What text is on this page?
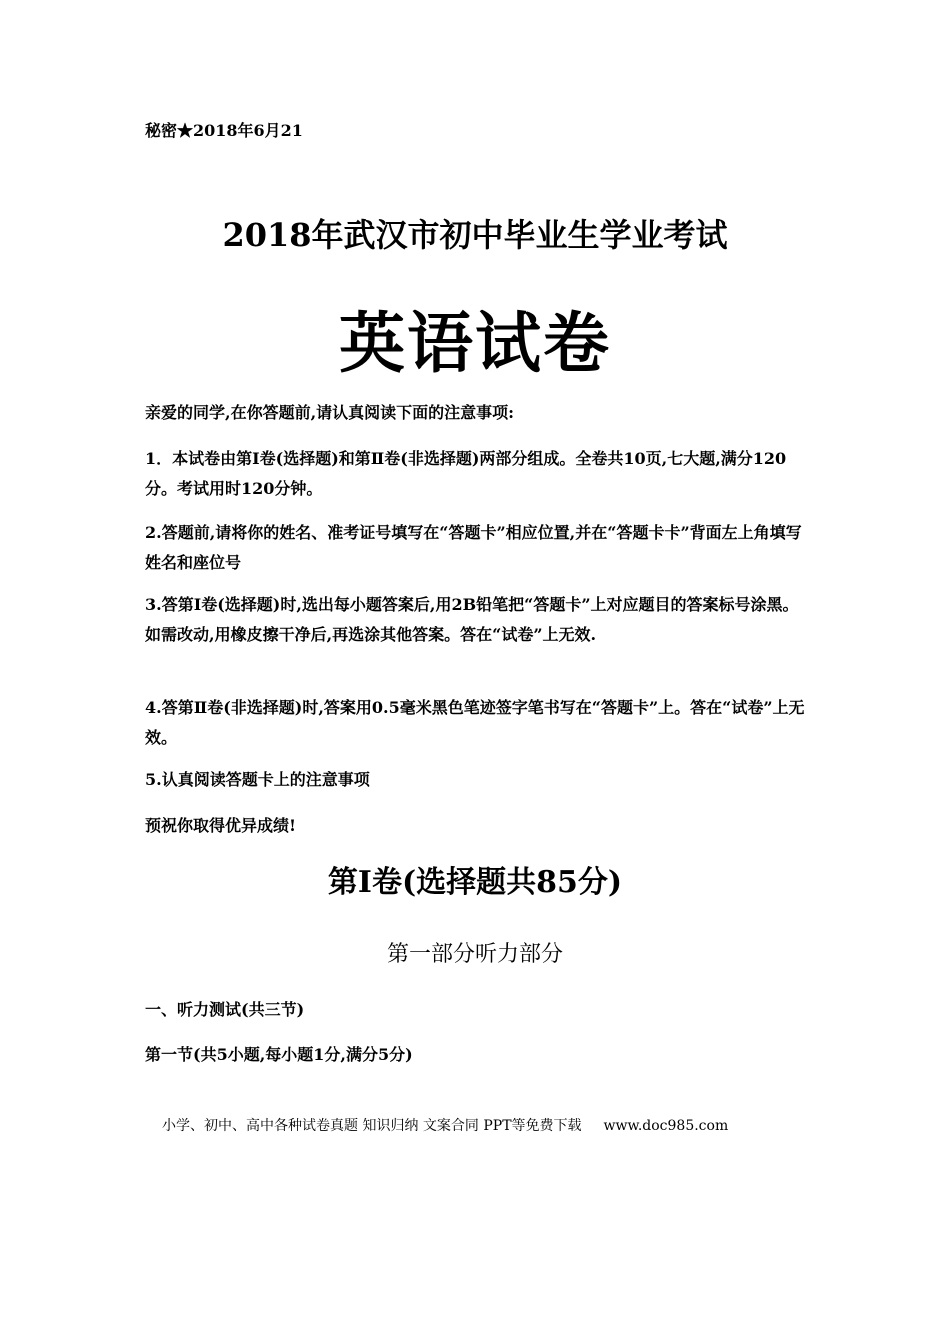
秘密★2018年6月21
2018年武汉市初中毕业生学业考试
英语试卷
亲爱的同学,在你答题前,请认真阅读下面的注意事项:
1．本试卷由第Ⅰ卷(选择题)和第Ⅱ卷(非选择题)两部分组成。全卷共10页,七大题,满分120分。考试用时120分钟。
2.答题前,请将你的姓名、准考证号填写在“答题卡”相应位置,并在“答题卡卡”背面左上角填写姓名和座位号
3.答第I卷(选择题)时,选出每小题答案后,用2B铅笔把“答题卡”上对应题目的答案标号涂黑。如需改动,用橡皮擦干净后,再选涂其他答案。答在“试卷”上无效.
4.答第Ⅱ卷(非选择题)时,答案用0.5毫米黑色笔迹签字笔书写在“答题卡”上。答在“试卷”上无效。
5.认真阅读答题卡上的注意事项
预祝你取得优异成绩!
第I卷(选择题共85分)
第一部分听力部分
一、听力测试(共三节)
第一节(共5小题,每小题1分,满分5分)
小学、初中、高中各种试卷真题 知识归纳 文案合同 PPT等免费下载 www.doc985.com
